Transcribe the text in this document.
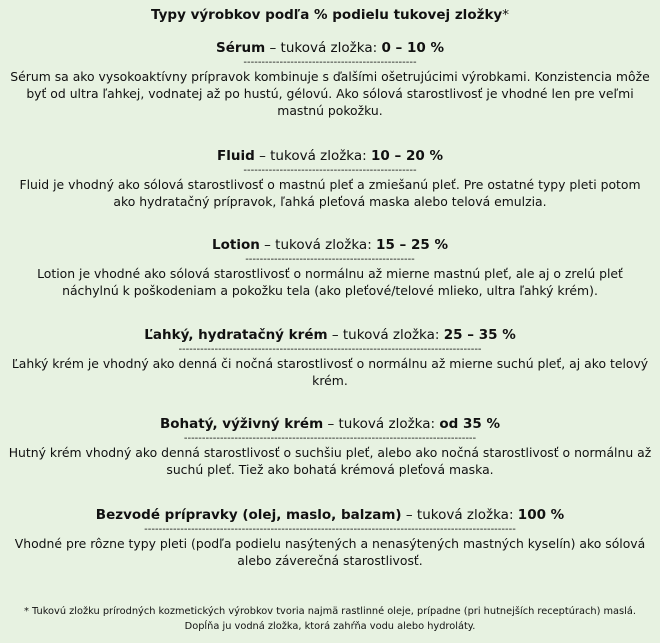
Typy výrobkov podľa % podielu tukovej zložky*
Sérum – tuková zložka: 0 – 10 %
------------------------------------------------
Sérum sa ako vysokoaktívny prípravok kombinuje s ďalšími ošetrujúcimi výrobkami. Konzistencia môže byť od ultra ľahkej, vodnatej až po hustú, gélovú. Ako sólová starostlivosť je vhodné len pre veľmi mastnú pokožku.
Fluid – tuková zložka: 10 – 20 %
------------------------------------------------
Fluid je vhodný ako sólová starostlivosť o mastnú pleť a zmiešanú pleť. Pre ostatné typy pleti potom ako hydratačný prípravok, ľahká pleťová maska alebo telová emulzia.
Lotion – tuková zložka: 15 – 25 %
-----------------------------------------------
Lotion je vhodné ako sólová starostlivosť o normálnu až mierne mastnú pleť, ale aj o zrelú pleť náchylnú k poškodeniam a pokožku tela (ako pleťové/telové mlieko, ultra ľahký krém).
Ľahký, hydratačný krém – tuková zložka: 25 – 35 %
------------------------------------------------------------------------------------
Ľahký krém je vhodný ako denná či nočná starostlivosť o normálnu až mierne suchú pleť, aj ako telový krém.
Bohatý, výživný krém – tuková zložka: od 35 %
---------------------------------------------------------------------------------
Hutný krém vhodný ako denná starostlivosť o suchšiu pleť, alebo ako nočná starostlivosť o normálnu až suchú pleť. Tiež ako bohatá krémová pleťová maska.
Bezvodé prípravky (olej, maslo, balzam) – tuková zložka: 100 %
-------------------------------------------------------------------------------------------------------
Vhodné pre rôzne typy pleti (podľa podielu nasýtených a nenasýtených mastných kyselín) ako sólová alebo záverečná starostlivosť.
* Tukovú zložku prírodných kozmetických výrobkov tvoria najmä rastlinné oleje, prípadne (pri hutnejších receptúrach) maslá. Dopĺňa ju vodná zložka, ktorá zahŕňa vodu alebo hydroláty.
